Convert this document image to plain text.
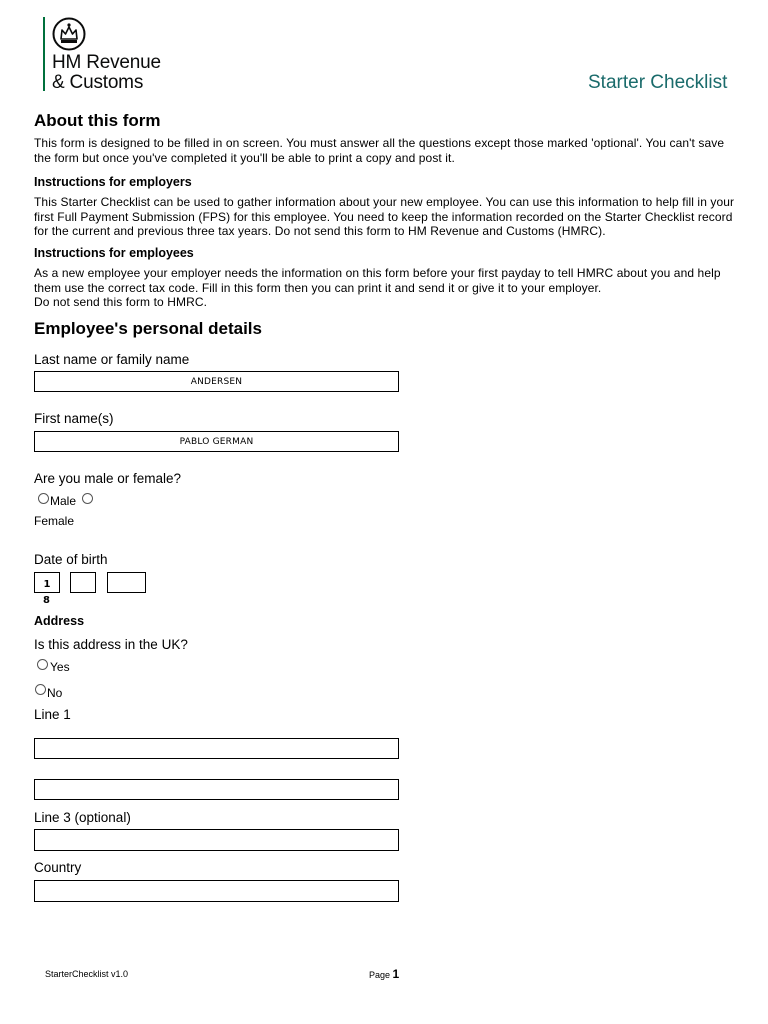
HM Revenue
& Customs	Starter Checklist
About this form
This form is designed to be filled in on screen. You must answer all the questions except those marked 'optional'. You can't save the form but once you've completed it you'll be able to print a copy and post it.
Instructions for employers
This Starter Checklist can be used to gather information about your new employee. You can use this information to help fill in your first Full Payment Submission (FPS) for this employee. You need to keep the information recorded on the Starter Checklist record for the current and previous three tax years. Do not send this form to HM Revenue and Customs (HMRC).
Instructions for employees
As a new employee your employer needs the information on this form before your first payday to tell HMRC about you and help them use the correct tax code. Fill in this form then you can print it and send it or give it to your employer.
Do not send this form to HMRC.
Employee's personal details
Last name or family name
ANDERSEN
First name(s)
PABLO GERMAN
Are you male or female?
Male
Female
Date of birth
1
8
Address
Is this address in the UK?
Yes
No
Line 1
Line 3 (optional)
Country
StarterChecklist v1.0	Page 1
